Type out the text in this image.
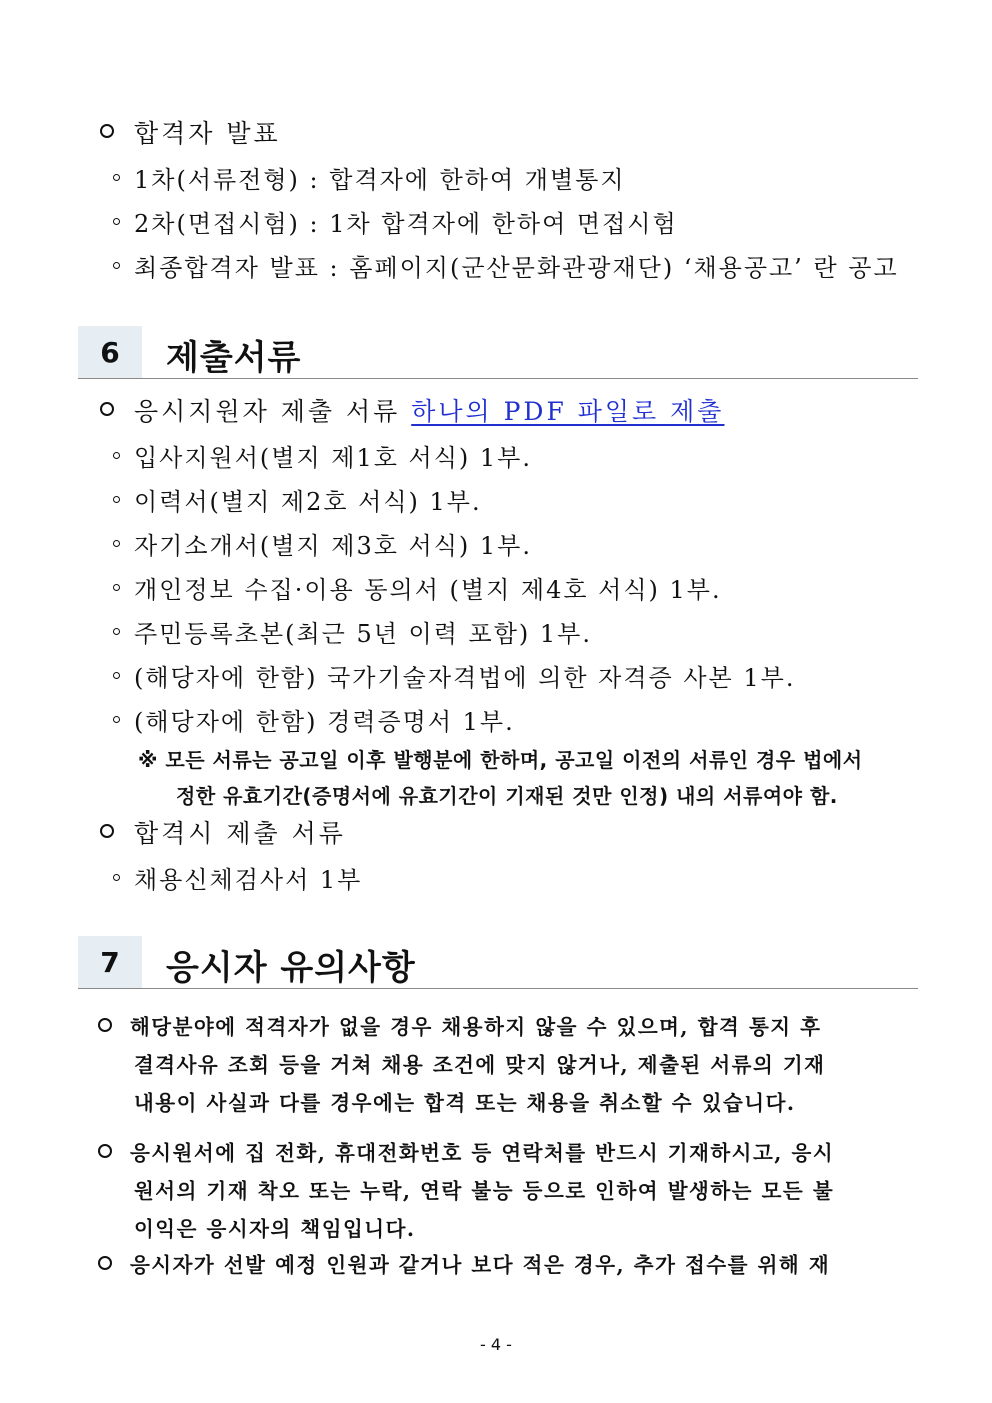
합격자 발표
1차(서류전형) : 합격자에 한하여 개별통지
2차(면접시험) : 1차 합격자에 한하여 면접시험
최종합격자 발표 : 홈페이지(군산문화관광재단) ‘채용공고’ 란 공고
6	제출서류
응시지원자 제출 서류 하나의 PDF 파일로 제출
입사지원서(별지 제1호 서식) 1부.
이력서(별지 제2호 서식) 1부.
자기소개서(별지 제3호 서식) 1부.
개인정보 수집·이용 동의서 (별지 제4호 서식) 1부.
주민등록초본(최근 5년 이력 포함) 1부.
(해당자에 한함) 국가기술자격법에 의한 자격증 사본 1부.
(해당자에 한함) 경력증명서 1부.
※ 모든 서류는 공고일 이후 발행분에 한하며, 공고일 이전의 서류인 경우 법에서
정한 유효기간(증명서에 유효기간이 기재된 것만 인정) 내의 서류여야 함.
합격시 제출 서류
채용신체검사서 1부
7	응시자 유의사항
해당분야에 적격자가 없을 경우 채용하지 않을 수 있으며, 합격 통지 후
결격사유 조회 등을 거쳐 채용 조건에 맞지 않거나, 제출된 서류의 기재
내용이 사실과 다를 경우에는 합격 또는 채용을 취소할 수 있습니다.
응시원서에 집 전화, 휴대전화번호 등 연락처를 반드시 기재하시고, 응시
원서의 기재 착오 또는 누락, 연락 불능 등으로 인하여 발생하는 모든 불
이익은 응시자의 책임입니다.
응시자가 선발 예정 인원과 같거나 보다 적은 경우, 추가 접수를 위해 재
- 4 -
